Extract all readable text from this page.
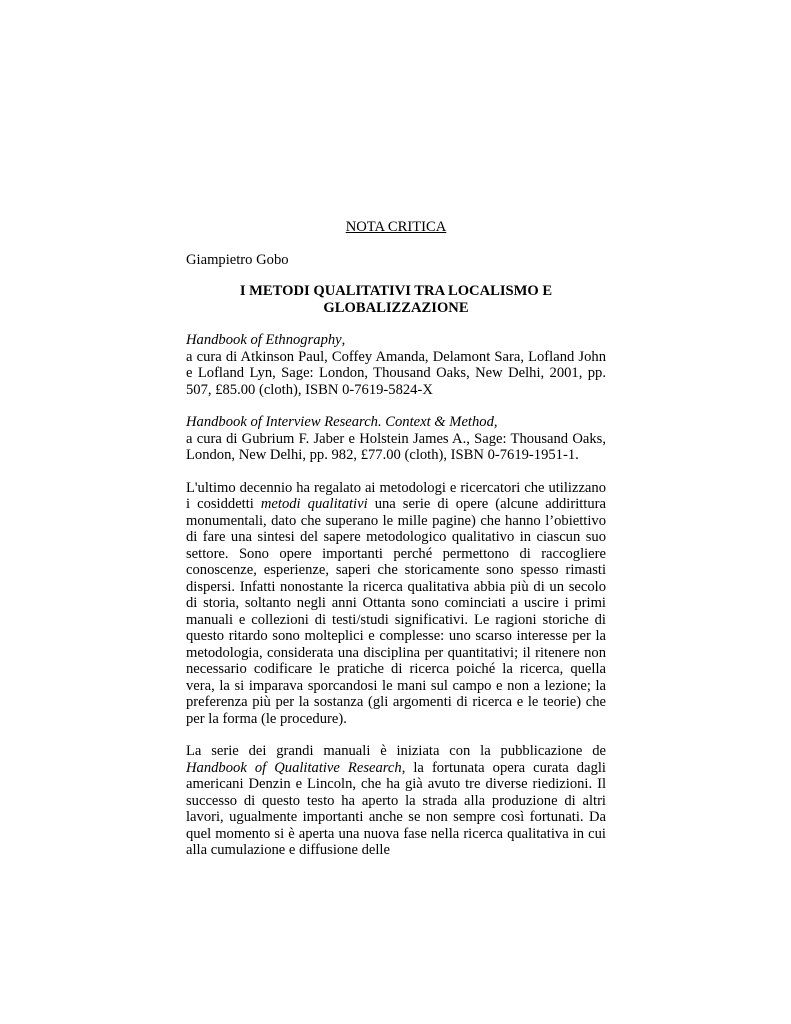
NOTA CRITICA

Giampietro Gobo

I METODI QUALITATIVI TRA LOCALISMO E
GLOBALIZZAZIONE
Handbook of Ethnography,
a cura di Atkinson Paul, Coffey Amanda, Delamont Sara, Lofland John e Lofland Lyn, Sage: London, Thousand Oaks, New Delhi, 2001, pp. 507, £85.00 (cloth), ISBN 0-7619-5824-X
Handbook of Interview Research. Context & Method,
a cura di Gubrium F. Jaber e Holstein James A., Sage: Thousand Oaks, London, New Delhi, pp. 982, £77.00 (cloth), ISBN 0-7619-1951-1.

L'ultimo decennio ha regalato ai metodologi e ricercatori che utilizzano i cosiddetti metodi qualitativi una serie di opere (alcune addirittura monumentali, dato che superano le mille pagine) che hanno l’obiettivo di fare una sintesi del sapere metodologico qualitativo in ciascun suo settore. Sono opere importanti perché permettono di raccogliere conoscenze, esperienze, saperi che storicamente sono spesso rimasti dispersi. Infatti nonostante la ricerca qualitativa abbia più di un secolo di storia, soltanto negli anni Ottanta sono cominciati a uscire i primi manuali e collezioni di testi/studi significativi. Le ragioni storiche di questo ritardo sono molteplici e complesse: uno scarso interesse per la metodologia, considerata una disciplina per quantitativi; il ritenere non necessario codificare le pratiche di ricerca poiché la ricerca, quella vera, la si imparava sporcandosi le mani sul campo e non a lezione; la preferenza più per la sostanza (gli argomenti di ricerca e le teorie) che per la forma (le procedure).

La serie dei grandi manuali è iniziata con la pubblicazione de Handbook of Qualitative Research, la fortunata opera curata dagli americani Denzin e Lincoln, che ha già avuto tre diverse riedizioni. Il successo di questo testo ha aperto la strada alla produzione di altri lavori, ugualmente importanti anche se non sempre così fortunati. Da quel momento si è aperta una nuova fase nella ricerca qualitativa in cui alla cumulazione e diffusione delle
